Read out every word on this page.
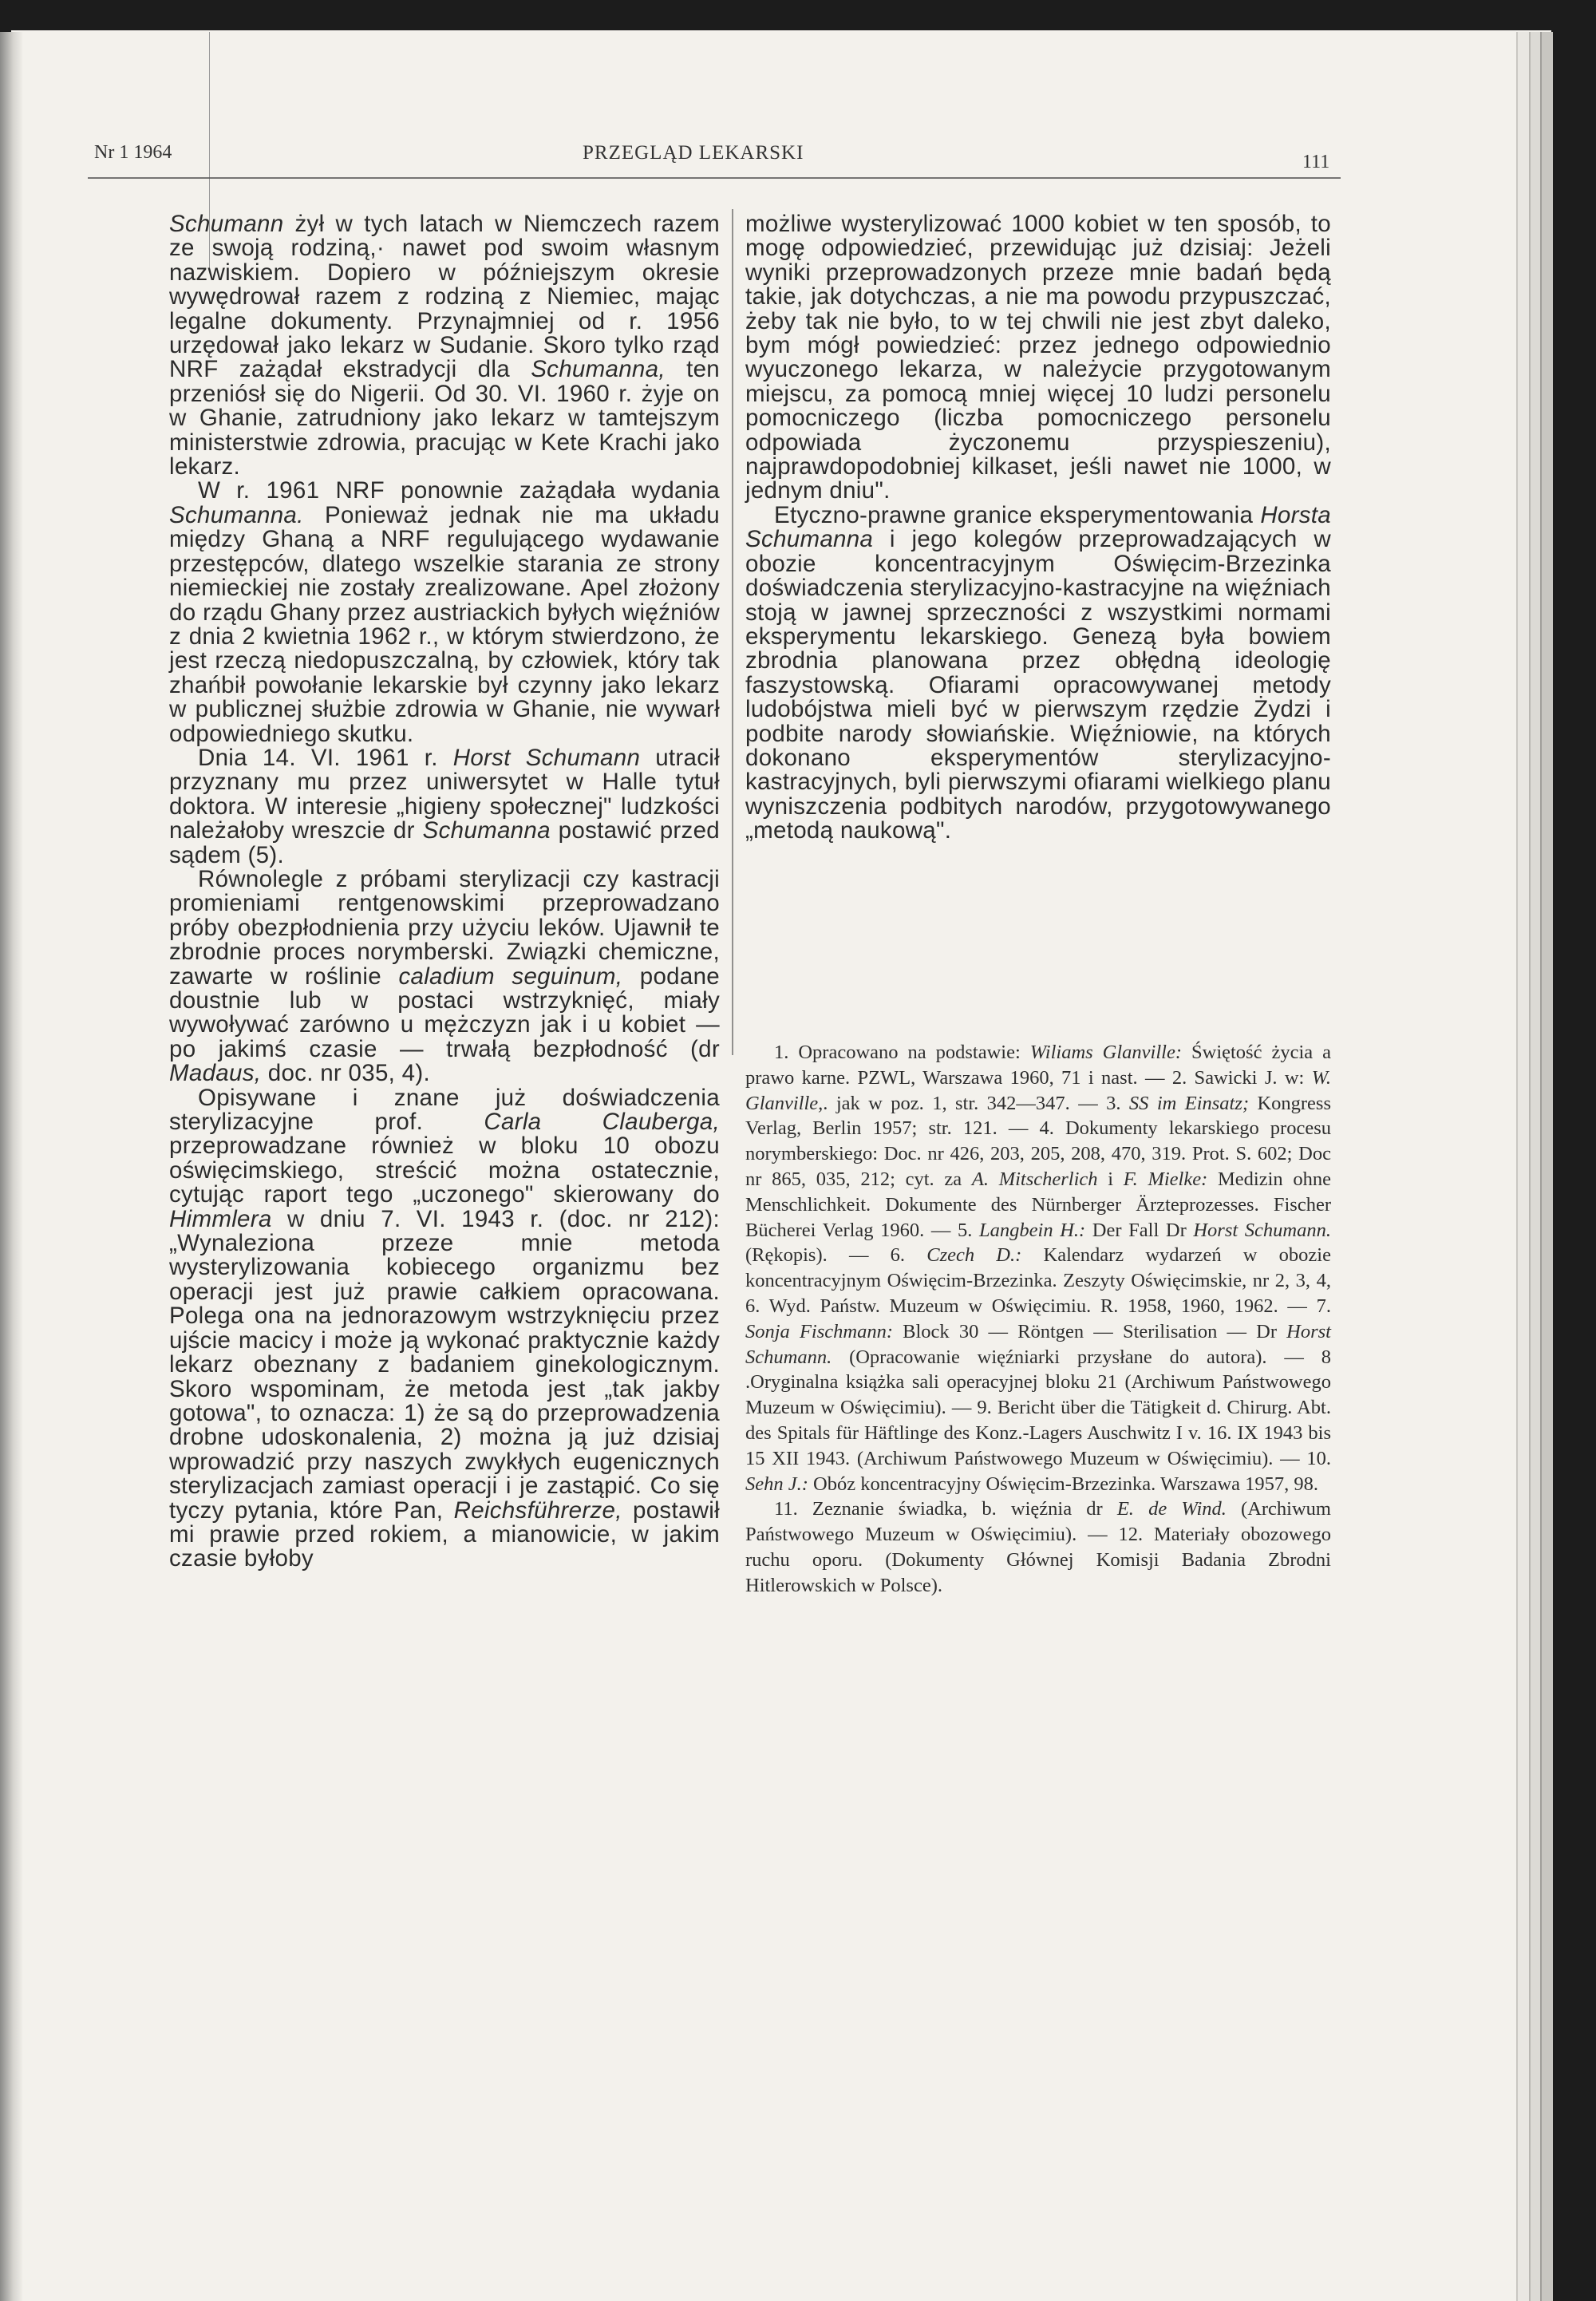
Nr 1 1964	PRZEGLĄD LEKARSKI	111

Schumann żył w tych latach w Niemczech razem ze swoją rodziną,· nawet pod swoim własnym nazwiskiem. Dopiero w późniejszym okresie wywędrował razem z rodziną z Niemiec, mając legalne dokumenty. Przynajmniej od r. 1956 urzędował jako lekarz w Sudanie. Skoro tylko rząd NRF zażądał ekstradycji dla Schumanna, ten przeniósł się do Nigerii. Od 30. VI. 1960 r. żyje on w Ghanie, zatrudniony jako lekarz w tamtejszym ministerstwie zdrowia, pracując w Kete Krachi jako lekarz.

W r. 1961 NRF ponownie zażądała wydania Schumanna. Ponieważ jednak nie ma układu między Ghaną a NRF regulującego wydawanie przestępców, dlatego wszelkie starania ze strony niemieckiej nie zostały zrealizowane. Apel złożony do rządu Ghany przez austriackich byłych więźniów z dnia 2 kwietnia 1962 r., w którym stwierdzono, że jest rzeczą niedopuszczalną, by człowiek, który tak zhańbił powołanie lekarskie był czynny jako lekarz w publicznej służbie zdrowia w Ghanie, nie wywarł odpowiedniego skutku.

Dnia 14. VI. 1961 r. Horst Schumann utracił przyznany mu przez uniwersytet w Halle tytuł doktora. W interesie „higieny społecznej" ludzkości należałoby wreszcie dr Schumanna postawić przed sądem (5).

Równolegle z próbami sterylizacji czy kastracji promieniami rentgenowskimi przeprowadzano próby obezpłodnienia przy użyciu leków. Ujawnił te zbrodnie proces norymberski. Związki chemiczne, zawarte w roślinie caladium seguinum, podane doustnie lub w postaci wstrzyknięć, miały wywoływać zarówno u mężczyzn jak i u kobiet — po jakimś czasie — trwałą bezpłodność (dr Madaus, doc. nr 035, 4).

Opisywane i znane już doświadczenia sterylizacyjne prof. Carla Clauberga, przeprowadzane również w bloku 10 obozu oświęcimskiego, streścić można ostatecznie, cytując raport tego „uczonego" skierowany do Himmlera w dniu 7. VI. 1943 r. (doc. nr 212): „Wynaleziona przeze mnie metoda wysterylizowania kobiecego organizmu bez operacji jest już prawie całkiem opracowana. Polega ona na jednorazowym wstrzyknięciu przez ujście macicy i może ją wykonać praktycznie każdy lekarz obeznany z badaniem ginekologicznym. Skoro wspominam, że metoda jest „tak jakby gotowa", to oznacza: 1) że są do przeprowadzenia drobne udoskonalenia, 2) można ją już dzisiaj wprowadzić przy naszych zwykłych eugenicznych sterylizacjach zamiast operacji i je zastąpić. Co się tyczy pytania, które Pan, Reichsführerze, postawił mi prawie przed rokiem, a mianowicie, w jakim czasie byłoby

możliwe wysterylizować 1000 kobiet w ten sposób, to mogę odpowiedzieć, przewidując już dzisiaj: Jeżeli wyniki przeprowadzonych przeze mnie badań będą takie, jak dotychczas, a nie ma powodu przypuszczać, żeby tak nie było, to w tej chwili nie jest zbyt daleko, bym mógł powiedzieć: przez jednego odpowiednio wyuczonego lekarza, w należycie przygotowanym miejscu, za pomocą mniej więcej 10 ludzi personelu pomocniczego (liczba pomocniczego personelu odpowiada życzonemu przyspieszeniu), najprawdopodobniej kilkaset, jeśli nawet nie 1000, w jednym dniu".

Etyczno-prawne granice eksperymentowania Horsta Schumanna i jego kolegów przeprowadzających w obozie koncentracyjnym Oświęcim-Brzezinka doświadczenia sterylizacyjno-kastracyjne na więźniach stoją w jawnej sprzeczności z wszystkimi normami eksperymentu lekarskiego. Genezą była bowiem zbrodnia planowana przez obłędną ideologię faszystowską. Ofiarami opracowywanej metody ludobójstwa mieli być w pierwszym rzędzie Żydzi i podbite narody słowiańskie. Więźniowie, na których dokonano eksperymentów sterylizacyjno-kastracyjnych, byli pierwszymi ofiarami wielkiego planu wyniszczenia podbitych narodów, przygotowywanego „metodą naukową".

1. Opracowano na podstawie: Wiliams Glanville: Świętość życia a prawo karne. PZWL, Warszawa 1960, 71 i nast. — 2. Sawicki J. w: W. Glanville,. jak w poz. 1, str. 342—347. — 3. SS im Einsatz; Kongress Verlag, Berlin 1957; str. 121. — 4. Dokumenty lekarskiego procesu norymberskiego: Doc. nr 426, 203, 205, 208, 470, 319. Prot. S. 602; Doc nr 865, 035, 212; cyt. za A. Mitscherlich i F. Mielke: Medizin ohne Menschlichkeit. Dokumente des Nürnberger Ärzteprozesses. Fischer Bücherei Verlag 1960. — 5. Langbein H.: Der Fall Dr Horst Schumann. (Rękopis). — 6. Czech D.: Kalendarz wydarzeń w obozie koncentracyjnym Oświęcim-Brzezinka. Zeszyty Oświęcimskie, nr 2, 3, 4, 6. Wyd. Państw. Muzeum w Oświęcimiu. R. 1958, 1960, 1962. — 7. Sonja Fischmann: Block 30 — Röntgen — Sterilisation — Dr Horst Schumann. (Opracowanie więźniarki przysłane do autora). — 8 .Oryginalna książka sali operacyjnej bloku 21 (Archiwum Państwowego Muzeum w Oświęcimiu). — 9. Bericht über die Tätigkeit d. Chirurg. Abt. des Spitals für Häftlinge des Konz.-Lagers Auschwitz I v. 16. IX 1943 bis 15 XII 1943. (Archiwum Państwowego Muzeum w Oświęcimiu). — 10. Sehn J.: Obóz koncentracyjny Oświęcim-Brzezinka. Warszawa 1957, 98.

11. Zeznanie świadka, b. więźnia dr E. de Wind. (Archiwum Państwowego Muzeum w Oświęcimiu). — 12. Materiały obozowego ruchu oporu. (Dokumenty Głównej Komisji Badania Zbrodni Hitlerowskich w Polsce).
